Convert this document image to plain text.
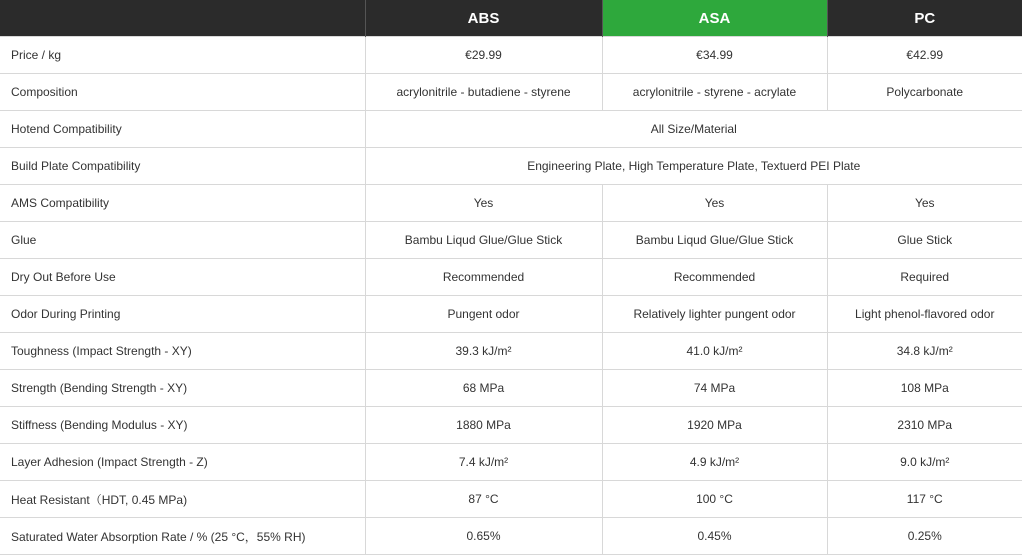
	ABS	ASA	PC
Price / kg	€29.99	€34.99	€42.99
Composition	acrylonitrile - butadiene - styrene	acrylonitrile - styrene - acrylate	Polycarbonate
Hotend Compatibility	All Size/Material		
Build Plate Compatibility	Engineering Plate, High Temperature Plate, Textuerd PEI Plate		
AMS Compatibility	Yes	Yes	Yes
Glue	Bambu Liqud Glue/Glue Stick	Bambu Liqud Glue/Glue Stick	Glue Stick
Dry Out Before Use	Recommended	Recommended	Required
Odor During Printing	Pungent odor	Relatively lighter pungent odor	Light phenol-flavored odor
Toughness (Impact Strength - XY)	39.3 kJ/m²	41.0 kJ/m²	34.8 kJ/m²
Strength (Bending Strength - XY)	68 MPa	74 MPa	108 MPa
Stiffness (Bending Modulus - XY)	1880 MPa	1920 MPa	2310 MPa
Layer Adhesion (Impact Strength - Z)	7.4 kJ/m²	4.9 kJ/m²	9.0 kJ/m²
Heat Resistant（HDT, 0.45 MPa)	87 °C	100 °C	117 °C
Saturated Water Absorption Rate / % (25 °C，55% RH)	0.65%	0.45%	0.25%
